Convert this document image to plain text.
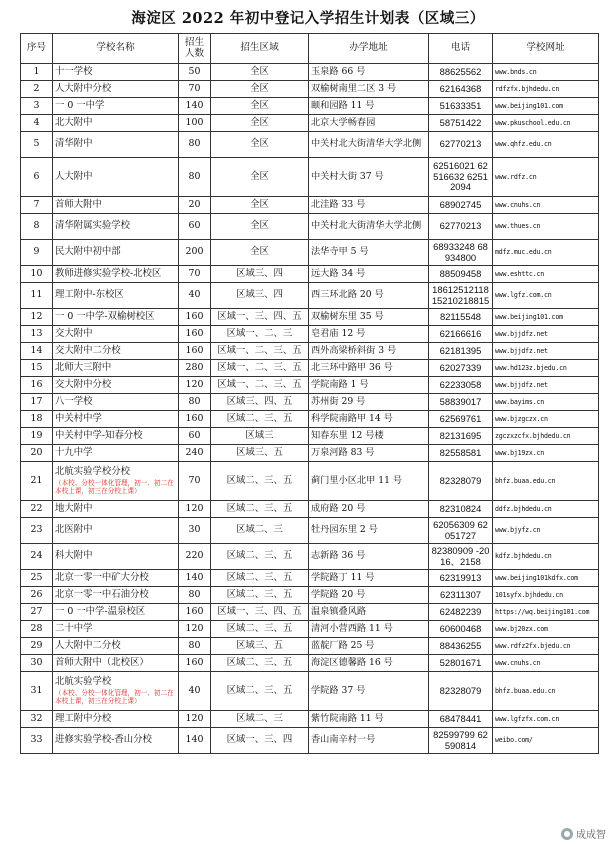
海淀区 2022 年初中登记入学招生计划表（区域三）
序号	学校名称	招生人数	招生区域	办学地址	电话	学校网址
1	十一学校	50	全区	玉泉路 66 号	88625562	www.bnds.cn
2	人大附中分校	70	全区	双榆树南里二区 3 号	62164368	rdfzfx.bjhdedu.cn
3	一 0 一中学	140	全区	颐和园路 11 号	51633351	www.beijing101.com
4	北大附中	100	全区	北京大学畅春园	58751422	www.pkuschool.edu.cn
5	清华附中	80	全区	中关村北大街清华大学北侧	62770213	www.qhfz.edu.cn
6	人大附中	80	全区	中关村大街 37 号	62516021 62516632 62512094	www.rdfz.cn
7	首师大附中	20	全区	北洼路 33 号	68902745	www.cnuhs.cn
8	清华附属实验学校	60	全区	中关村北大街清华大学北侧	62770213	www.thues.cn
9	民大附中初中部	200	全区	法华寺甲 5 号	68933248 68934800	mdfz.muc.edu.cn
10	教师进修实验学校-北校区	70	区域三、四	远大路 34 号	88509458	www.eshttc.cn
11	理工附中-东校区	40	区域三、四	西三环北路 20 号	18612512118 15210218815	www.lgfz.com.cn
12	一 0 一中学-双榆树校区	160	区域一、三、四、五	双榆树东里 35 号	82115548	www.beijing101.com
13	交大附中	160	区域一、二、三	皂君庙 12 号	62166616	www.bjjdfz.net
14	交大附中二分校	160	区域一、二、三、五	西外高梁桥斜街 3 号	62181395	www.bjjdfz.net
15	北师大三附中	280	区域一、二、三、五	北三环中路甲 36 号	62027339	www.hd123z.bjedu.cn
16	交大附中分校	120	区域一、二、三、五	学院南路 1 号	62233058	www.bjjdfz.net
17	八一学校	80	区域三、四、五	苏州街 29 号	58839017	www.bayims.cn
18	中关村中学	160	区域二、三、五	科学院南路甲 14 号	62569761	www.bjzgczx.cn
19	中关村中学-知春分校	60	区域三	知春东里 12 号楼	82131695	zgczxzcfx.bjhdedu.cn
20	十九中学	240	区域三、五	万泉河路 83 号	82558581	www.bj19zx.cn
21	北航实验学校分校
（本校、分校一体化管理，初一、初二在本校上课，初三在分校上课）	70	区域二、三、五	蓟门里小区北甲 11 号	82328079	bhfz.buaa.edu.cn
22	地大附中	120	区域二、三、五	成府路 20 号	82310824	ddfz.bjhdedu.cn
23	北医附中	30	区域二、三	牡丹园东里 2 号	62056309 62051727	www.bjyfz.cn
24	科大附中	220	区域二、三、五	志新路 36 号	82380909 -2016、2158	kdfz.bjhdedu.cn
25	北京一零一中矿大分校	140	区域二、三、五	学院路丁 11 号	62319913	www.beijing101kdfx.com
26	北京一零一中石油分校	80	区域二、三、五	学院路 20 号	62311307	101syfx.bjhdedu.cn
27	一 0 一中学-温泉校区	160	区域一、三、四、五	温泉镇叠风路	62482239	https://wq.beijing101.com
28	二十中学	120	区域二、三、五	清河小营西路 11 号	60600468	www.bj20zx.com
29	人大附中二分校	80	区域三、五	蓝靛厂路 25 号	88436255	www.rdfz2fx.bjedu.cn
30	首师大附中（北校区）	160	区域二、三、五	海淀区德馨路 16 号	52801671	www.cnuhs.cn
31	北航实验学校
（本校、分校一体化管理，初一、初二在本校上课，初三在分校上课）	40	区域二、三、五	学院路 37 号	82328079	bhfz.buaa.edu.cn
32	理工附中分校	120	区域二、三	紫竹院南路 11 号	68478441	www.lgfzfx.com.cn
33	进修实验学校-香山分校	140	区域一、三、四	香山南辛村一号	82599799 62590814	weibo.com/
成成智
